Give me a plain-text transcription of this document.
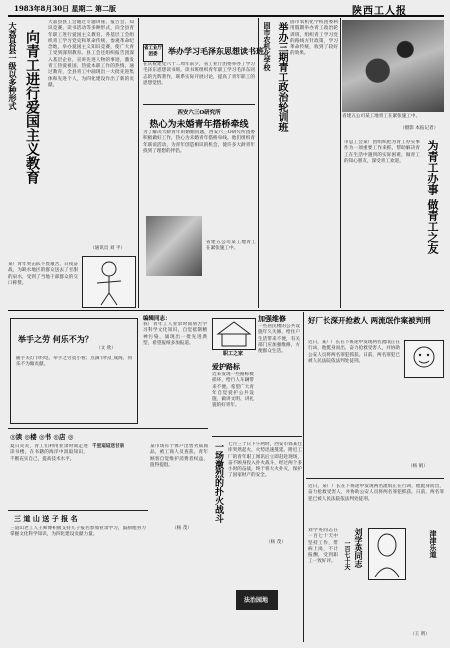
1983年8月30日 星期二 第二版	陕西工人报
大荔县县一级以多种形式 向青工进行爱国主义教育
大荔县县工会通过专题讲座、报告会、知识竞赛、读书活动等多种形式，向全县青年职工进行爱国主义教育。各基层工会组织青工学习党史和革命传统，参观革命纪念地，举办爱国主义知识竞赛，使广大青工受到深刻教育。县工会还组织报告团深入基层企业，宣讲先进人物的事迹，激发青工热爱祖国、热爱本职工作的热情。通过教育，全县青工中涌现出一大批先进集体和先进个人，为四化建设作出了新的贡献。
（通讯员 刘 平）
某厂青年突击队不畏艰苦，日夜奋战，为缺水地区的群众送去了甘甜的泉水，受到了当地干部群众的交口称赞。
省工业厅团委	举办学习毛泽东思想读书班
在庆祝建党六十二周年前夕，省工业厅团委举办了学习毛泽东思想读书班。读书班组织青年职工学习毛泽东同志的光辉著作，联系实际开展讨论，提高了青年职工的思想觉悟。
西安六三O研究所
热心为未婚青年搭桥牵线
为了解决大龄青年的婚姻问题，西安六三O研究所团委积极做好工作，热心为未婚青年搭桥牵线。他们组织青年联谊活动，为青年创造相识的机会，使许多大龄青年找到了理想的伴侣。
省建五公司某工地青工在紧张施工中。
固市农机化学校 举办三期青工政治轮训班 固市农机化学校团委利用假期举办青工政治轮训班，组织青工学习党的路线方针政策，学习革命传统，收到了较好的效果。
省建五公司某工地青工在紧张施工中。
（摄影 本报记者）
为青工办事 做青工之友
市总工会某厂团组织把为青工办实事作为一项重要工作来抓，帮助解决青工在生活中遇到的实际困难，做青工的知心朋友，深受青工欢迎。
举手之劳 何乐不为？
（文 欣）
随手关灯节约电，举手之劳莫小看；点滴节约汇成海，何乐不为做贡献。
编辑同志：
我厂青年工人业余时间刻苦学习科学文化知识，自觉抵制精神污染，涌现出一批先进典型，希望报纸多加报道。
职工之家
爱护路标
近来发现一些路标被损坏，给行人车辆带来不便。希望广大青年自觉爱护公共设施，做讲文明、讲礼貌的好青年。
加强维修
一些居民楼的公共设施年久失修，给住户生活带来不便，有关部门应加强维修，方便群众生活。
好厂长深开抢救人 两流氓作案被判刑
近日，某厂厂长在下班途中发现两名流氓正在行凶，他挺身而出，奋力抢救受害人，并协助公安人员将两名罪犯抓获。日前，两名罪犯已被人民法院依法判处徒刑。
（杨 娟）
一场激烈的扑火战斗	七月三十日下午两时，西安市郊某仓库突然起火，火势迅速蔓延。附近工厂的青年职工闻讯后立即赶赴现场，奋不顾身投入扑火战斗，经过两个多小时的奋战，终于将大火扑灭，保护了国家财产的安全。
（杨 茂）
◎读 ◎楼 ◎书 ◎店 ◎
夏日炎炎，青工们利用业余时间走进读书楼，在书籍的海洋中汲取知识，不断充实自己，提高技术水平。
千里迢迢送甘泉	某市场有个体户出售劣质商品，被工商人员查获，青年顾客自觉维护消费者权益，值得提倡。
（杨 茂）
三 道 山 送 子 报 名
三道山老工人王师傅积极支持儿子报名参加业余学习，鼓励他努力掌握文化科学知识，为四化建设贡献力量。
法治园地
近日，某厂厂长在下班途中发现两名流氓正在行凶，他挺身而出，奋力抢救受害人，并协助公安人员将两名罪犯抓获。日前，两名罪犯已被人民法院依法判处徒刑。
刘学英同志
一百七十天
刘学英同志在一百七十天中坚持工作，带病上岗，不计报酬，受到职工一致好评。
津津乐道
（王 明）
